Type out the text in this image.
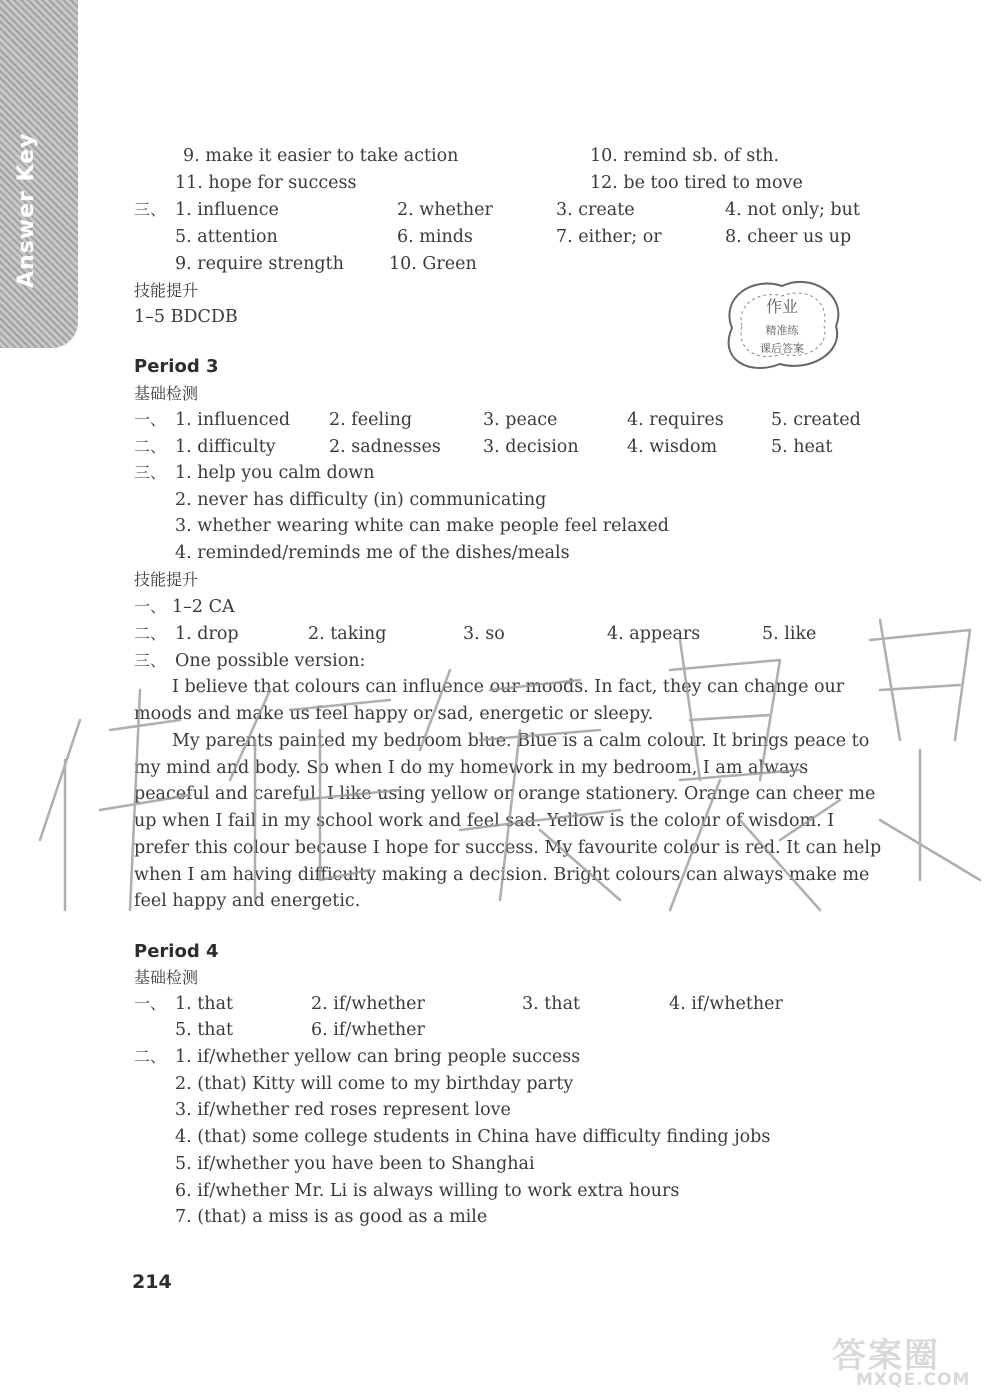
Answer Key	9. make it easier to take action	10. remind sb. of sth.
11. hope for success	12. be too tired to move
三、 1. influence	2. whether	3. create	4. not only; but
5. attention	6. minds	7. either; or	8. cheer us up
9. require strength	10. Green
技能提升
1–5 BDCDB
作业
精准练
课后答案
Period 3
基础检测
一、 1. influenced 2. feeling	3. peace	4. requires	5. created
二、 1. difficulty	2. sadnesses 3. decision	4. wisdom	5. heat
三、 1. help you calm down
2. never has difficulty (in) communicating
3. whether wearing white can make people feel relaxed
4. reminded/reminds me of the dishes/meals
技能提升
一、 1–2 CA
二、 1. drop	2. taking	3. so	4. appears	5. like
三、 One possible version:
I believe that colours can influence our moods. In fact, they can change our
moods and make us feel happy or sad, energetic or sleepy.
My parents painted my bedroom blue. Blue is a calm colour. It brings peace to
my mind and body. So when I do my homework in my bedroom, I am always
peaceful and careful. I like using yellow or orange stationery. Orange can cheer me
up when I fail in my school work and feel sad. Yellow is the colour of wisdom. I
prefer this colour because I hope for success. My favourite colour is red. It can help
when I am having difficulty making a decision. Bright colours can always make me
feel happy and energetic.
Period 4
基础检测
一、 1. that	2. if/whether	3. that	4. if/whether
5. that	6. if/whether
二、 1. if/whether yellow can bring people success
2. (that) Kitty will come to my birthday party
3. if/whether red roses represent love
4. (that) some college students in China have difficulty finding jobs
5. if/whether you have been to Shanghai
6. if/whether Mr. Li is always willing to work extra hours
7. (that) a miss is as good as a mile
214
答案圈
MXQE.COM
